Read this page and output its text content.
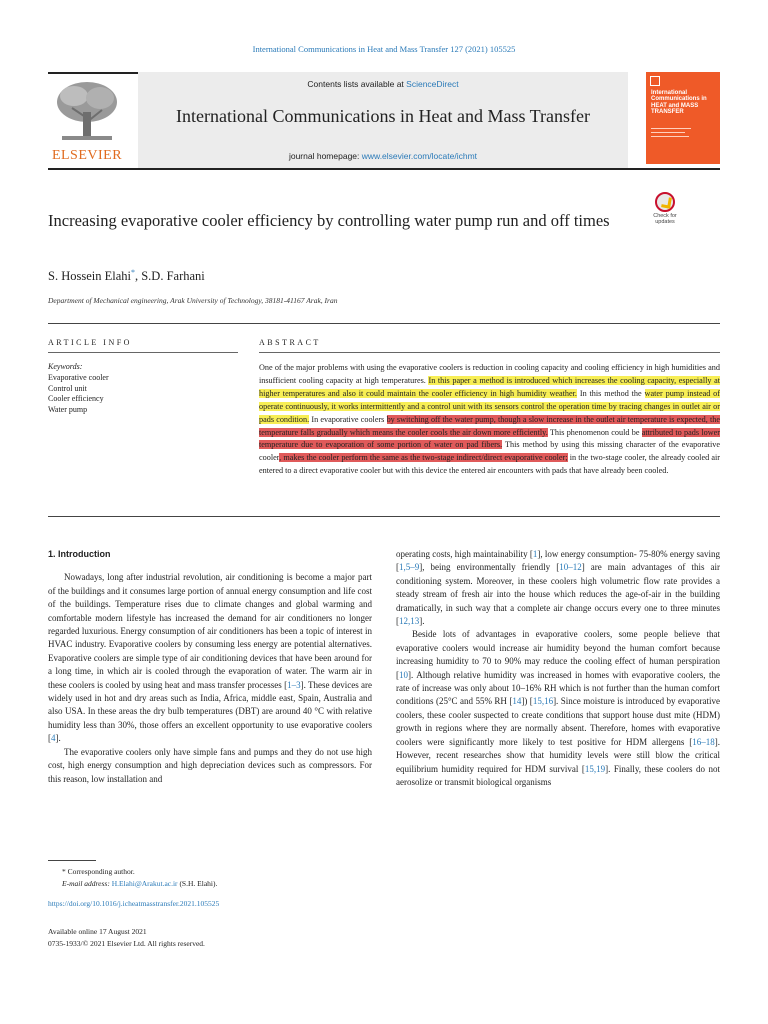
International Communications in Heat and Mass Transfer 127 (2021) 105525
ELSEVIER
Contents lists available at ScienceDirect
International Communications in Heat and Mass Transfer
journal homepage: www.elsevier.com/locate/ichmt
International Communications in HEAT and MASS TRANSFER
Increasing evaporative cooler efficiency by controlling water pump run and off times	Check for updates
S. Hossein Elahi*, S.D. Farhani
Department of Mechanical engineering, Arak University of Technology, 38181-41167 Arak, Iran
ARTICLE INFO	ABSTRACT
Keywords:
Evaporative cooler
Control unit
Cooler efficiency
Water pump
One of the major problems with using the evaporative coolers is reduction in cooling capacity and cooling efficiency in high humidities and insufficient cooling capacity at high temperatures. In this paper a method is introduced which increases the cooling capacity, especially at higher temperatures and also it could maintain the cooler efficiency in high humidity weather. In this method the water pump instead of operate continuously, it works intermittently and a control unit with its sensors control the operation time by tracing changes in outlet air or pads condition. In evaporative coolers by switching off the water pump, though a slow increase in the outlet air temperature is expected, the temperature falls gradually which means the cooler cools the air down more efficiently. This phenomenon could be attributed to pads lower temperature due to evaporation of some portion of water on pad fibers. This method by using this missing character of the evaporative cooler, makes the cooler perform the same as the two-stage indirect/direct evaporative cooler; in the two-stage cooler, the already cooled air entered to a direct evaporative cooler but with this device the entered air encounters with pads that have already been cooled.
1. Introduction

Nowadays, long after industrial revolution, air conditioning is become a major part of the buildings and it consumes large portion of annual energy consumption and life cost of the buildings. Temperature rises due to climate changes and global warming and comfortable modern lifestyle has increased the demand for air conditioners no longer regarded luxurious. Energy consumption of air conditioners has been a topic of interest in HVAC industry. Evaporative coolers by consuming less energy are potential alternatives. Evaporative coolers are simple type of air conditioning devices that have been around for a long time, in which air is cooled through the evaporation of water. The warm air in these coolers is cooled by using heat and mass transfer processes [1–3]. These devices are widely used in hot and dry areas such as India, Africa, middle east, Spain, Australia and also USA. In these areas the dry bulb temperatures (DBT) are around 40 °C with relative humidity less than 30%, those offers an excellent opportunity to use evaporative coolers [4].

The evaporative coolers only have simple fans and pumps and they do not use high cost, high energy consumption and high depreciation devices such as compressors. For this reason, low installation and

operating costs, high maintainability [1], low energy consumption- 75-80% energy saving [1,5–9], being environmentally friendly [10–12] are main advantages of this air conditioning system. Moreover, in these coolers high volumetric flow rate provides a steady stream of fresh air into the house which reduces the age-of-air in the building dramatically, in such way that a complete air change occurs every one to three minutes [12,13].

Beside lots of advantages in evaporative coolers, some people believe that evaporative coolers would increase air humidity beyond the human comfort because increasing humidity to 70 to 90% may reduce the cooling effect of human perspiration [10]. Although relative humidity was increased in homes with evaporative coolers, the rate of increase was only about 10–16% RH which is not further than the human comfort conditions (25°C and 55% RH [14]) [15,16]. Since moisture is introduced by evaporative coolers, these cooler suspected to create conditions that support house dust mite (HDM) growth in regions where they are normally absent. Therefore, homes with evaporative coolers were significantly more likely to test positive for HDM allergens [16–18]. However, recent researches show that humidity levels were still blow the critical equilibrium humidity required for HDM survival [15,19]. Finally, these coolers do not aerosolize or transmit biological organisms

* Corresponding author.
E-mail address: H.Elahi@Arakut.ac.ir (S.H. Elahi).
https://doi.org/10.1016/j.icheatmasstransfer.2021.105525
Available online 17 August 2021
0735-1933/© 2021 Elsevier Ltd. All rights reserved.
